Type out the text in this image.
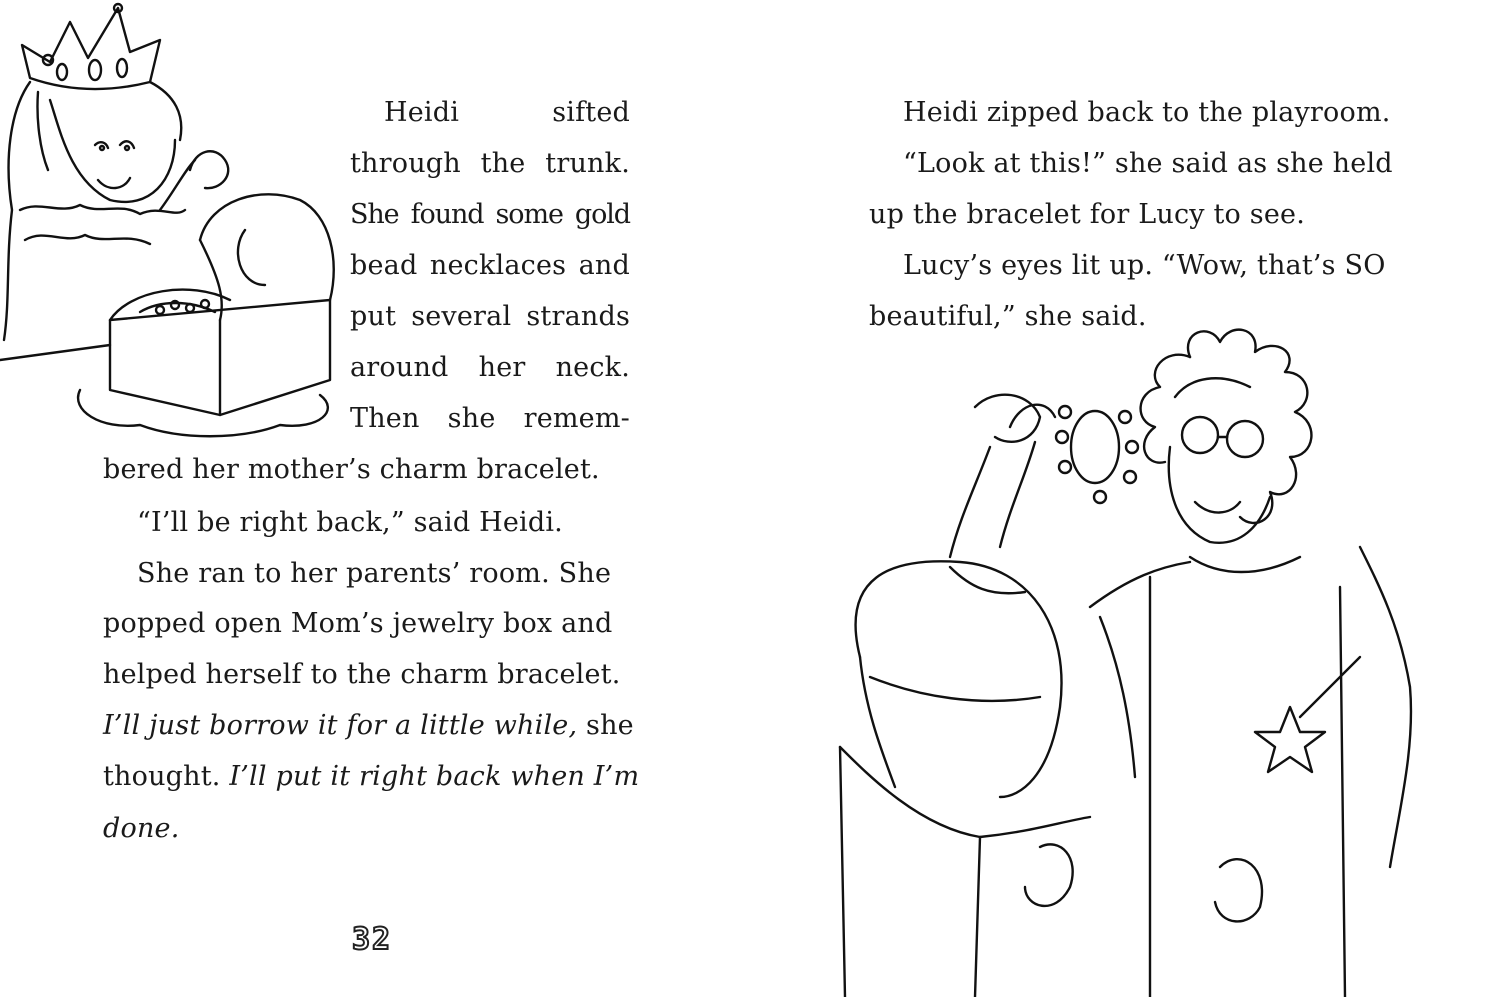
Heidi	sifted
through the trunk.
She found some gold
bead necklaces and
put several strands
around her neck.
Then she remem-
bered her mother’s charm bracelet.
“I’ll be right back,” said Heidi.
She ran to her parents’ room. She
popped open Mom’s jewelry box and
helped herself to the charm bracelet.
I’ll just borrow it for a little while, she
thought. I’ll put it right back when I’m
done.
32
Heidi zipped back to the playroom.
“Look at this!” she said as she held
up the bracelet for Lucy to see.
Lucy’s eyes lit up. “Wow, that’s SO
beautiful,” she said.
